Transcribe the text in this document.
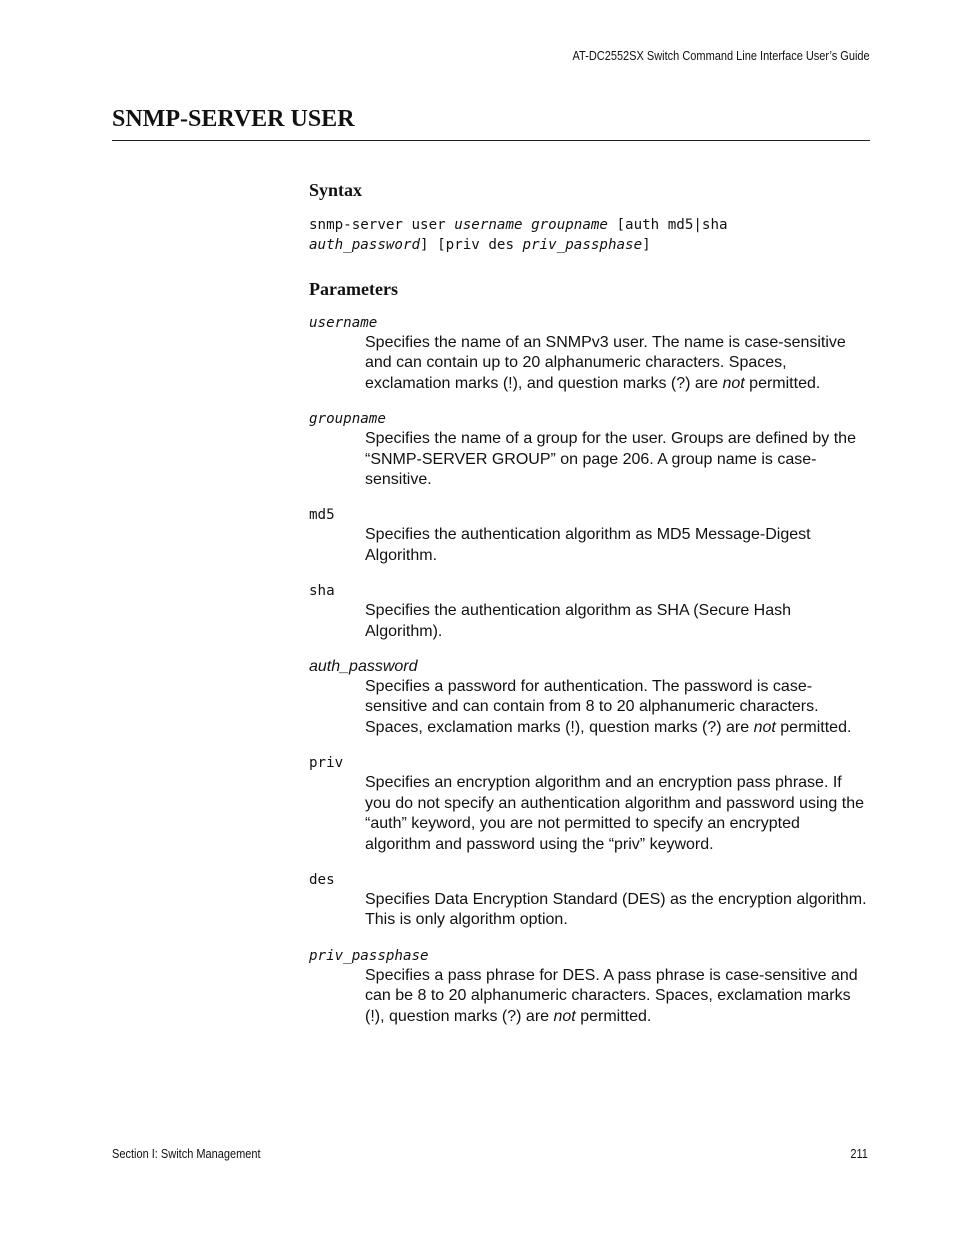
AT-DC2552SX Switch Command Line Interface User’s Guide
SNMP-SERVER USER
Syntax
snmp-server user username groupname [auth md5|sha
auth_password] [priv des priv_passphase]
Parameters
username
Specifies the name of an SNMPv3 user. The name is case-sensitive and can contain up to 20 alphanumeric characters. Spaces, exclamation marks (!), and question marks (?) are not permitted.
groupname
Specifies the name of a group for the user. Groups are defined by the “SNMP-SERVER GROUP” on page 206. A group name is case-sensitive.
md5
Specifies the authentication algorithm as MD5 Message-Digest Algorithm.
sha
Specifies the authentication algorithm as SHA (Secure Hash Algorithm).
auth_password
Specifies a password for authentication. The password is case-sensitive and can contain from 8 to 20 alphanumeric characters. Spaces, exclamation marks (!), question marks (?) are not permitted.
priv
Specifies an encryption algorithm and an encryption pass phrase. If you do not specify an authentication algorithm and password using the “auth” keyword, you are not permitted to specify an encrypted algorithm and password using the “priv” keyword.
des
Specifies Data Encryption Standard (DES) as the encryption algorithm. This is only algorithm option.
priv_passphase
Specifies a pass phrase for DES. A pass phrase is case-sensitive and can be 8 to 20 alphanumeric characters. Spaces, exclamation marks (!), question marks (?) are not permitted.
Section I: Switch Management	211
